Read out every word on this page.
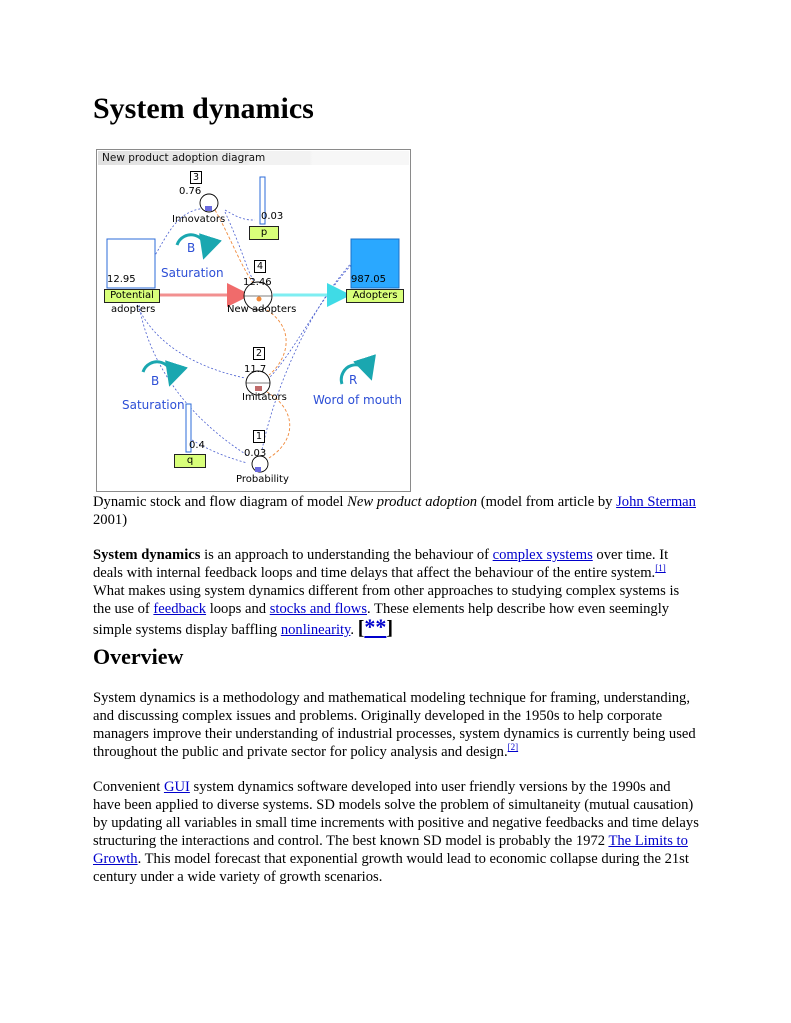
System dynamics
New product adoption diagram
3
4
2
1
0.76
Innovators	0.03
p
B
Saturation
12.95
Potential
adopters
12.46
New adopters
987.05
Adopters
11.7
Imitators
B
Saturation
R
Word of mouth
0.4
q
0.03
Probability

Dynamic stock and flow diagram of model New product adoption (model from article by John Sterman 2001)

System dynamics is an approach to understanding the behaviour of complex systems over time. It deals with internal feedback loops and time delays that affect the behaviour of the entire system.[1] What makes using system dynamics different from other approaches to studying complex systems is the use of feedback loops and stocks and flows. These elements help describe how even seemingly simple systems display baffling nonlinearity. [**]

Overview

System dynamics is a methodology and mathematical modeling technique for framing, understanding, and discussing complex issues and problems. Originally developed in the 1950s to help corporate managers improve their understanding of industrial processes, system dynamics is currently being used throughout the public and private sector for policy analysis and design.[2]

Convenient GUI system dynamics software developed into user friendly versions by the 1990s and have been applied to diverse systems. SD models solve the problem of simultaneity (mutual causation) by updating all variables in small time increments with positive and negative feedbacks and time delays structuring the interactions and control. The best known SD model is probably the 1972 The Limits to Growth. This model forecast that exponential growth would lead to economic collapse during the 21st century under a wide variety of growth scenarios.
